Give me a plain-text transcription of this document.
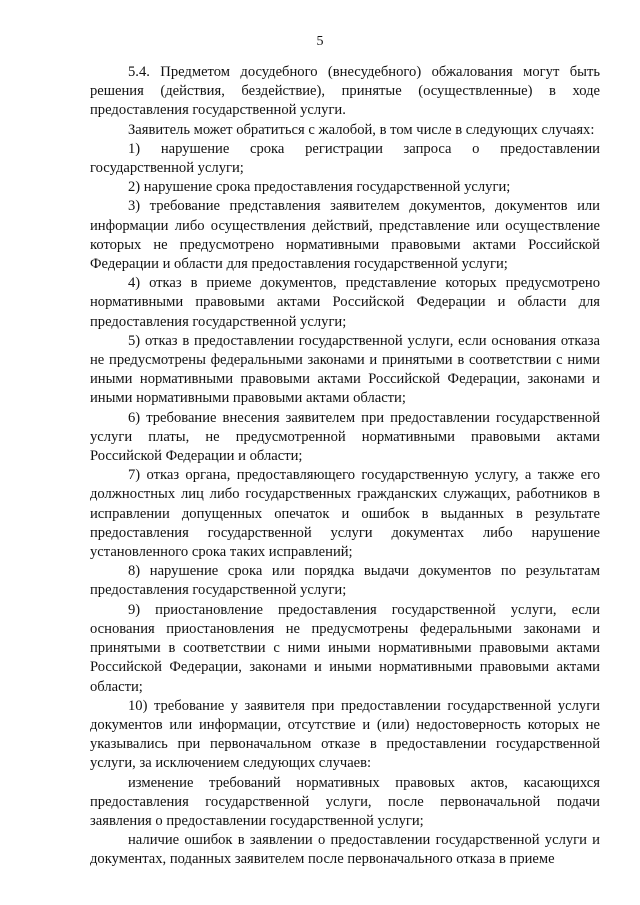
5

5.4. Предметом досудебного (внесудебного) обжалования могут быть решения (действия, бездействие), принятые (осуществленные) в ходе предоставления государственной услуги.

Заявитель может обратиться с жалобой, в том числе в следующих случаях:

1) нарушение срока регистрации запроса о предоставлении государственной услуги;

2) нарушение срока предоставления государственной услуги;

3) требование представления заявителем документов, документов или информации либо осуществления действий, представление или осуществление которых не предусмотрено нормативными правовыми актами Российской Федерации и области для предоставления государственной услуги;

4) отказ в приеме документов, представление которых предусмотрено нормативными правовыми актами Российской Федерации и области для предоставления государственной услуги;

5) отказ в предоставлении государственной услуги, если основания отказа не предусмотрены федеральными законами и принятыми в соответствии с ними иными нормативными правовыми актами Российской Федерации, законами и иными нормативными правовыми актами области;

6) требование внесения заявителем при предоставлении государственной услуги платы, не предусмотренной нормативными правовыми актами Российской Федерации и области;

7) отказ органа, предоставляющего государственную услугу, а также его должностных лиц либо государственных гражданских служащих, работников в исправлении допущенных опечаток и ошибок в выданных в результате предоставления государственной услуги документах либо нарушение установленного срока таких исправлений;

8) нарушение срока или порядка выдачи документов по результатам предоставления государственной услуги;

9) приостановление предоставления государственной услуги, если основания приостановления не предусмотрены федеральными законами и принятыми в соответствии с ними иными нормативными правовыми актами Российской Федерации, законами и иными нормативными правовыми актами области;

10) требование у заявителя при предоставлении государственной услуги документов или информации, отсутствие и (или) недостоверность которых не указывались при первоначальном отказе в предоставлении государственной услуги, за исключением следующих случаев:

изменение требований нормативных правовых актов, касающихся предоставления государственной услуги, после первоначальной подачи заявления о предоставлении государственной услуги;

наличие ошибок в заявлении о предоставлении государственной услуги и документах, поданных заявителем после первоначального отказа в приеме
